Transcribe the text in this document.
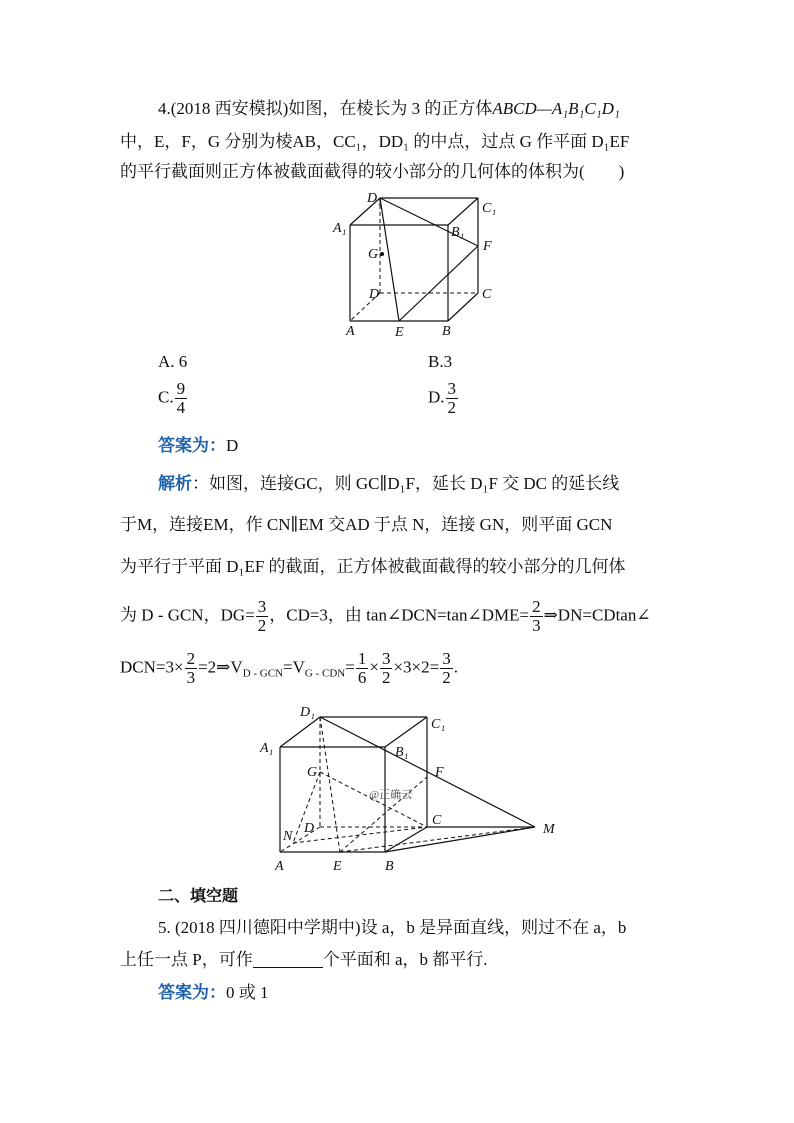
4.(2018 西安模拟)如图，在棱长为 3 的正方体ABCD—A₁B₁C₁D₁
中，E，F，G 分别为棱AB，CC₁，DD₁ 的中点，过点 G 作平面 D₁EF
的平行截面则正方体被截面截得的较小部分的几何体的体积为(　　)
D₁
C₁
A₁	B₁
G
F
D	C
A	E	B
A. 6	B.3
C. $\frac{9}{4}$	D. $\frac{3}{2}$
答案为：D
解析：如图，连接GC，则 GC∥D₁F，延长 D₁F 交 DC 的延长线
于M，连接EM，作 CN∥EM 交AD 于点 N，连接 GN，则平面 GCN
为平行于平面 D₁EF 的截面，正方体被截面截得的较小部分的几何体
为 D - GCN，$DG= \frac{3}{2}$ ，CD=3，由 tan∠DCN=tan∠DME= $\frac{2}{3}$ ⇒DN=CDtan∠
$DCN=3\times \frac{2}{3}$ $=2\Rightarrow V_{D - GCN}=V_{G - CDN}= \frac{1}{6} \times \frac{3}{2} \times 3\times 2= \frac{3}{2}$ .
D₁
C₁
A₁	B₁
G	F
N
D
C
M
A	E	B
@正确云
二、填空题
5. (2018 四川德阳中学期中)设 a，b 是异面直线，则过不在 a，b
上任一点 P，可作	个平面和 a，b 都平行.
答案为：0 或 1
